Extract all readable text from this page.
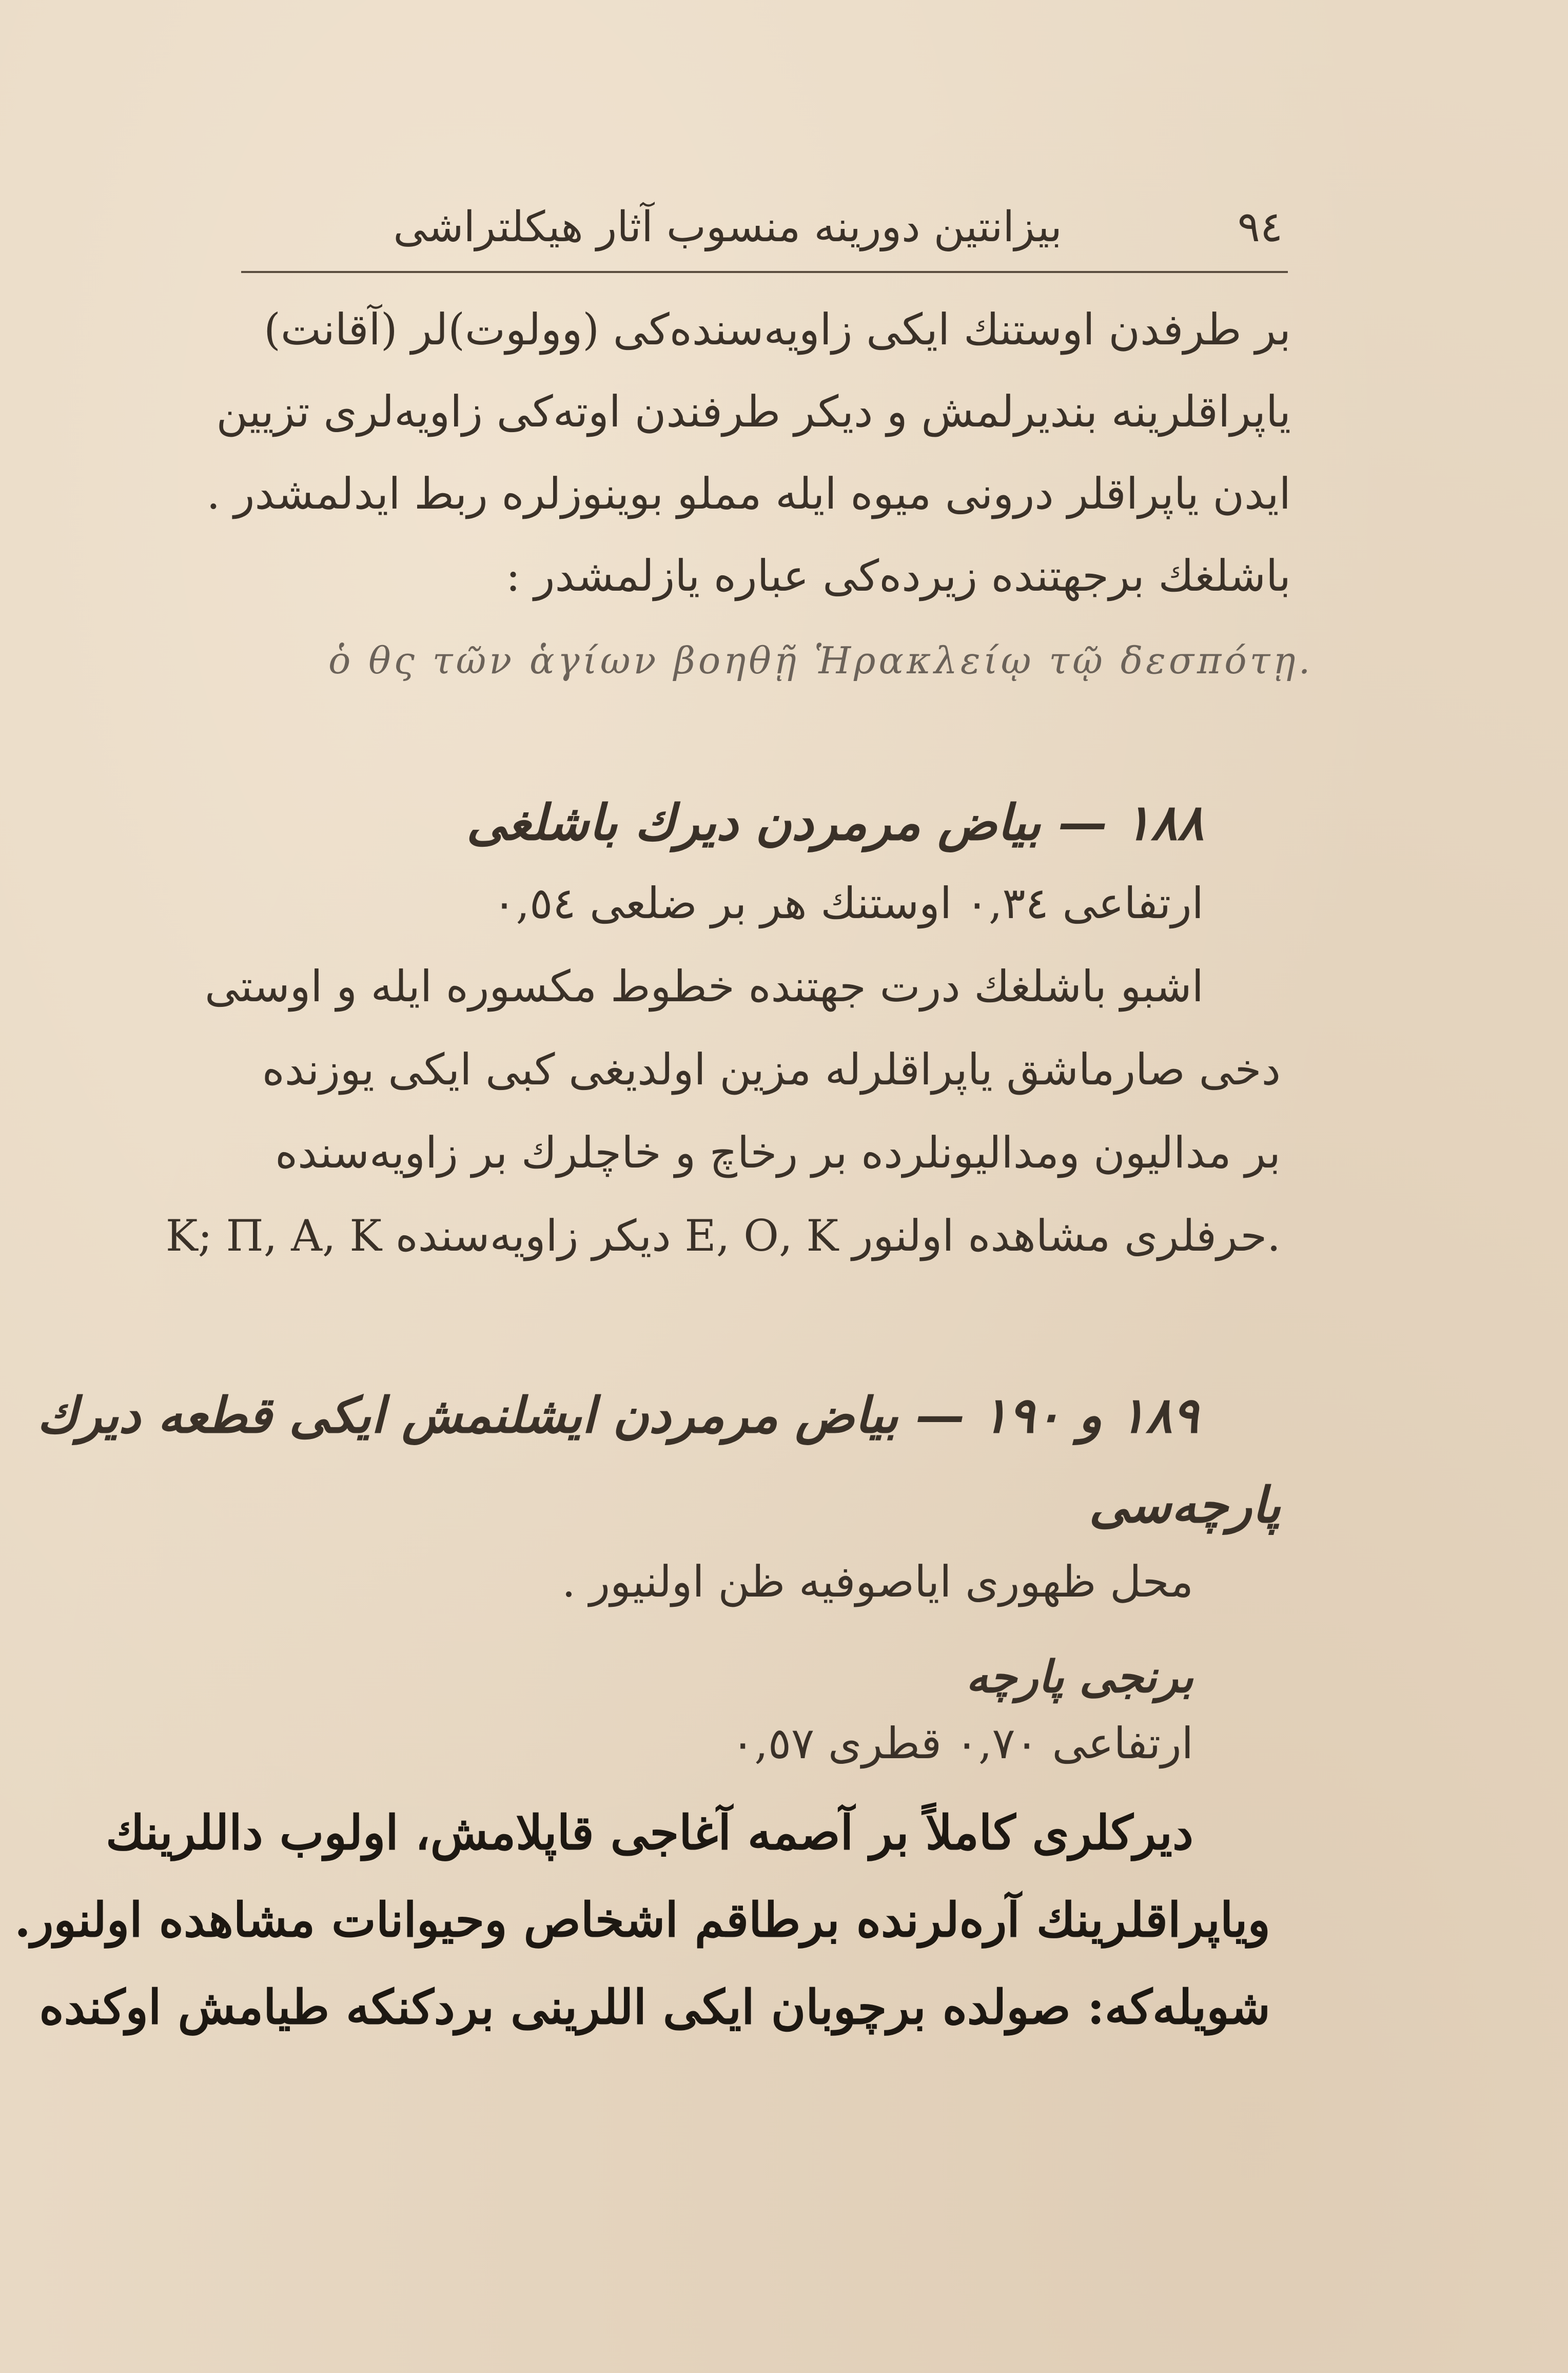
بیزانتین دورینه منسوب آثار هیکلتراشی	٩٤
بر طرفدن اوستنك ایکی زاویه‌سنده‌کی (وولوت)لر (آقانت)
یاپراقلرینه بندیرلمش و دیکر طرفندن اوته‌کی زاویه‌لری تزیین
ایدن یاپراقلر درونی میوه ایله مملو بوینوزلره ربط ایدلمشدر .
باشلغك برجهتنده زیرده‌کی عباره یازلمشدر :
ὁ θς τῶν ἁγίων βοηθῇ Ἡρακλείῳ τῷ δεσπότῃ.
١٨٨ — بیاض مرمردن دیرك باشلغی
ارتفاعی ٠,٣٤ اوستنك هر بر ضلعی ٠,٥٤
اشبو باشلغك درت جهتنده خطوط مکسوره ایله و اوستی
دخی صارماشق یاپراقلرله مزین اولدیغی کبی ایکی یوزنده
بر مدالیون ومدالیونلرده بر رخاچ و خاچلرك بر زاویه‌سنده
Κ; Π, Α, Κ دیکر زاویه‌سنده Ε, Ο, Κ حرفلری مشاهده اولنور.
١٨٩ و ١٩٠ — بیاض مرمردن ایشلنمش ایکی قطعه دیرك
پارچه‌سی
محل ظهوری ایاصوفیه ظن اولنیور .
برنجی پارچه
ارتفاعی ٠,٧٠ قطری ٠,٥٧
دیرکلری کاملاً بر آصمه آغاجی قاپلامش، اولوب داللرینك
ویاپراقلرینك آره‌لرنده برطاقم اشخاص وحیوانات مشاهده اولنور.
شویله‌که: صولده برچوبان ایکی اللرینی بردکنکه طیامش اوکنده
